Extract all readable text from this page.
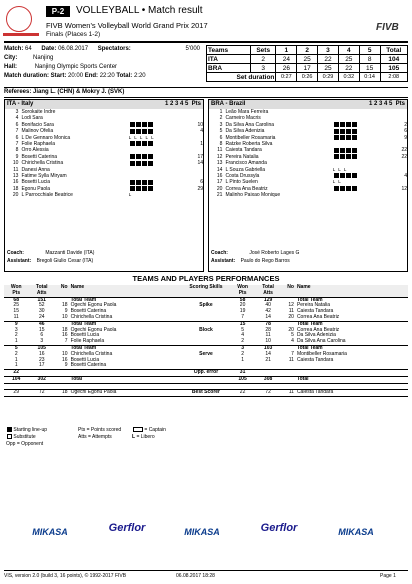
P-2	VOLLEYBALL • Match result
FIVB Women's Volleyball World Grand Prix 2017
Finals (Places 1-2)
FIVB
Match: 64 Date: 06.08.2017 Spectators:	5'000
City:	Nanjing
Hall:	Nanjing Olympic Sports Center
Match duration: Start: 20:00 End: 22:20 Total: 2:20
Teams	Sets	1	2	3	4	5	Total
ITA	2	24	25	22	25	8	104
BRA	3	26	17	25	22	15	105
Set duration		0:27	0:26	0:29	0:32	0:14	2:08
Referees: Jiang L. (CHN) & Mokry J. (SVK)
ITA - Italy	1 2 3 4 5 Pts
3	Sorokaite Indre		
4	Lodi Sara		
6	Bonifacio Sara		10
7	Malinov Ofelia		4
6	L De Gennaro Monica	L L L L L	
7	Folie Raphaela		1
8	Orro Alessia		
9	Bosetti Caterina		17
10	Chirichella Cristina		14
11	Danesi Anna		
13	Fatime Sylla Miryam		
16	Bosetti Lucia		6
18	Egonu Paola		29
20	L Parrocchiale Beatrice	L	
Coach:	Mazzanti Davide (ITA)
Assistant: Bregoli Giulio Cesar (ITA)
BRA - Brazil	1 2 3 4 5 Pts
1	Leão Mara Ferreira		
2	Carneiro Macris		
3	Da Silva Ana Carolina		2
5	Da Silva Adenizia		6
6	Montibeller Rosamaria		9
8	Ratzke Roberta Silva		
11	Caiesta Tandara		22
12	Pereira Natalia		22
13	Francisco Amanda		
14	L Souza Gabriella	L L L	
16	Costa Drussyla		4
17	L Pinto Suelen	L L	
20	Correa Ana Beatriz		12
21	Malinho Paixao Monique		
Coach:	José Roberto Lages G
Assistant: Paulo do Rego Barros
TEAMS AND PLAYERS PERFORMANCES
Won	Total	No	Name	Scoring Skills	Won	Total	No	Name
Pts	Atts				Pts	Atts		
68	151		Total Team		58	129		Total Team
25	52	18	Ogechi Egonu Paola	Spike	20	40	12	Pereira Natalia
15	30	9	Bosetti Caterina		19	42	11	Caiesta Tandara
11	24	10	Chirichella Cristina		7	14	20	Correa Ana Beatriz
9	46		Total Team		15	78		Total Team
3	15	18	Ogechi Egonu Paola	Block	5	28	20	Correa Ana Beatriz
2	6	16	Bosetti Lucia		4	11	5	Da Silva Adenizia
1	3	7	Folie Raphaela		2	10	4	Da Silva Ana Carolina
5	105		Total Team		3	103		Total Team
2	16	10	Chirichella Cristina	Serve	2	14	7	Montibeller Rosamaria
1	23	16	Bosetti Lucia		1	21	11	Caiesta Tandara
1	17	9	Bosetti Caterina					
22				Opp. error	31			
104	302		Total		105	308		Total

29	72	18	Ogechi Egonu Paola	Best Scorer	22	72	11	Caiesta Tandara
Starting line-up	Pts = Points scored	= Captain
Substitute	Atts = Attempts	L = Libero
Opp = Opponent
MIKASA	Gerflor	MIKASA	Gerflor	MIKASA
VIS, version 2.0 (build 3, 16 points), © 1992-2017 FIVB	06.08.2017 18:28	Page 1
